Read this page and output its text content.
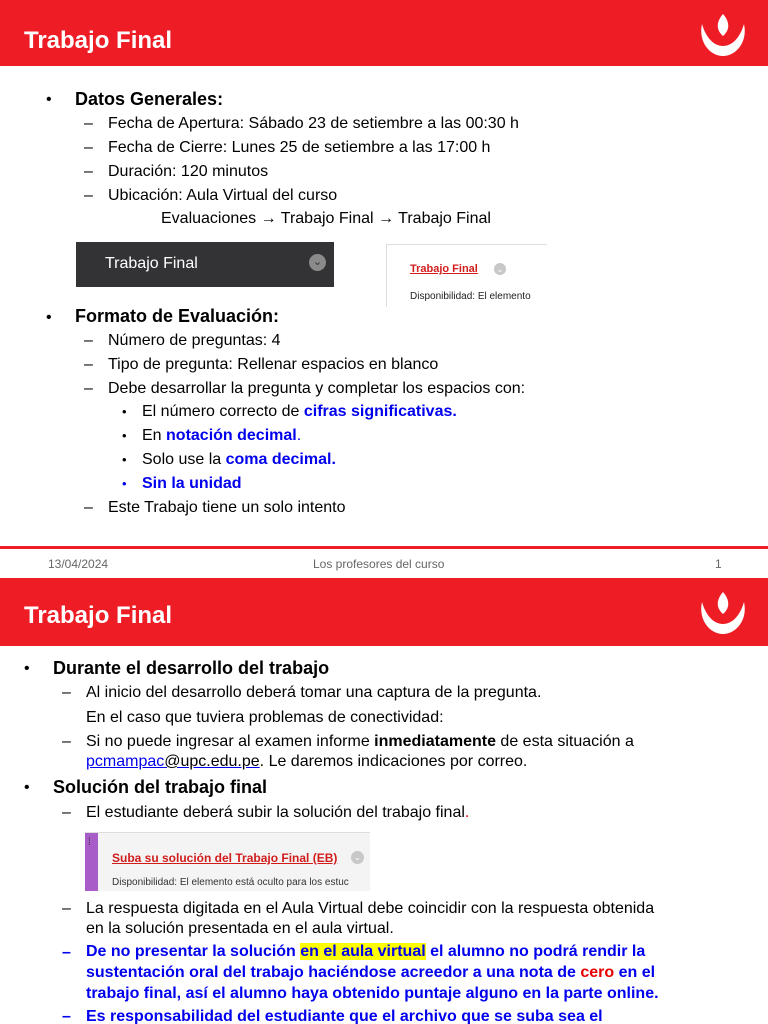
Trabajo Final
• Datos Generales:
– Fecha de Apertura: Sábado 23 de setiembre a las 00:30 h
– Fecha de Cierre: Lunes 25 de setiembre a las 17:00 h
– Duración: 120 minutos
– Ubicación: Aula Virtual del curso
Evaluaciones → Trabajo Final → Trabajo Final
Trabajo Final	⌄
Trabajo Final ⌄
Disponibilidad: El elemento
• Formato de Evaluación:
– Número de preguntas: 4
– Tipo de pregunta: Rellenar espacios en blanco
– Debe desarrollar la pregunta y completar los espacios con:
• El número correcto de cifras significativas.
• En notación decimal.
• Solo use la coma decimal.
• Sin la unidad
– Este Trabajo tiene un solo intento
13/04/2024	Los profesores del curso	1
Trabajo Final
• Durante el desarrollo del trabajo
– Al inicio del desarrollo deberá tomar una captura de la pregunta.
En el caso que tuviera problemas de conectividad:
– Si no puede ingresar al examen informe inmediatamente de esta situación a
pcmampac@upc.edu.pe. Le daremos indicaciones por correo.
• Solución del trabajo final
– El estudiante deberá subir la solución del trabajo final.
⁞
Suba su solución del Trabajo Final (EB)	⌄
Disponibilidad: El elemento está oculto para los estuc
– La respuesta digitada en el Aula Virtual debe coincidir con la respuesta obtenida
en la solución presentada en el aula virtual.
– De no presentar la solución en el aula virtual el alumno no podrá rendir la
sustentación oral del trabajo haciéndose acreedor a una nota de cero en el
trabajo final, así el alumno haya obtenido puntaje alguno en la parte online.
– Es responsabilidad del estudiante que el archivo que se suba sea el
